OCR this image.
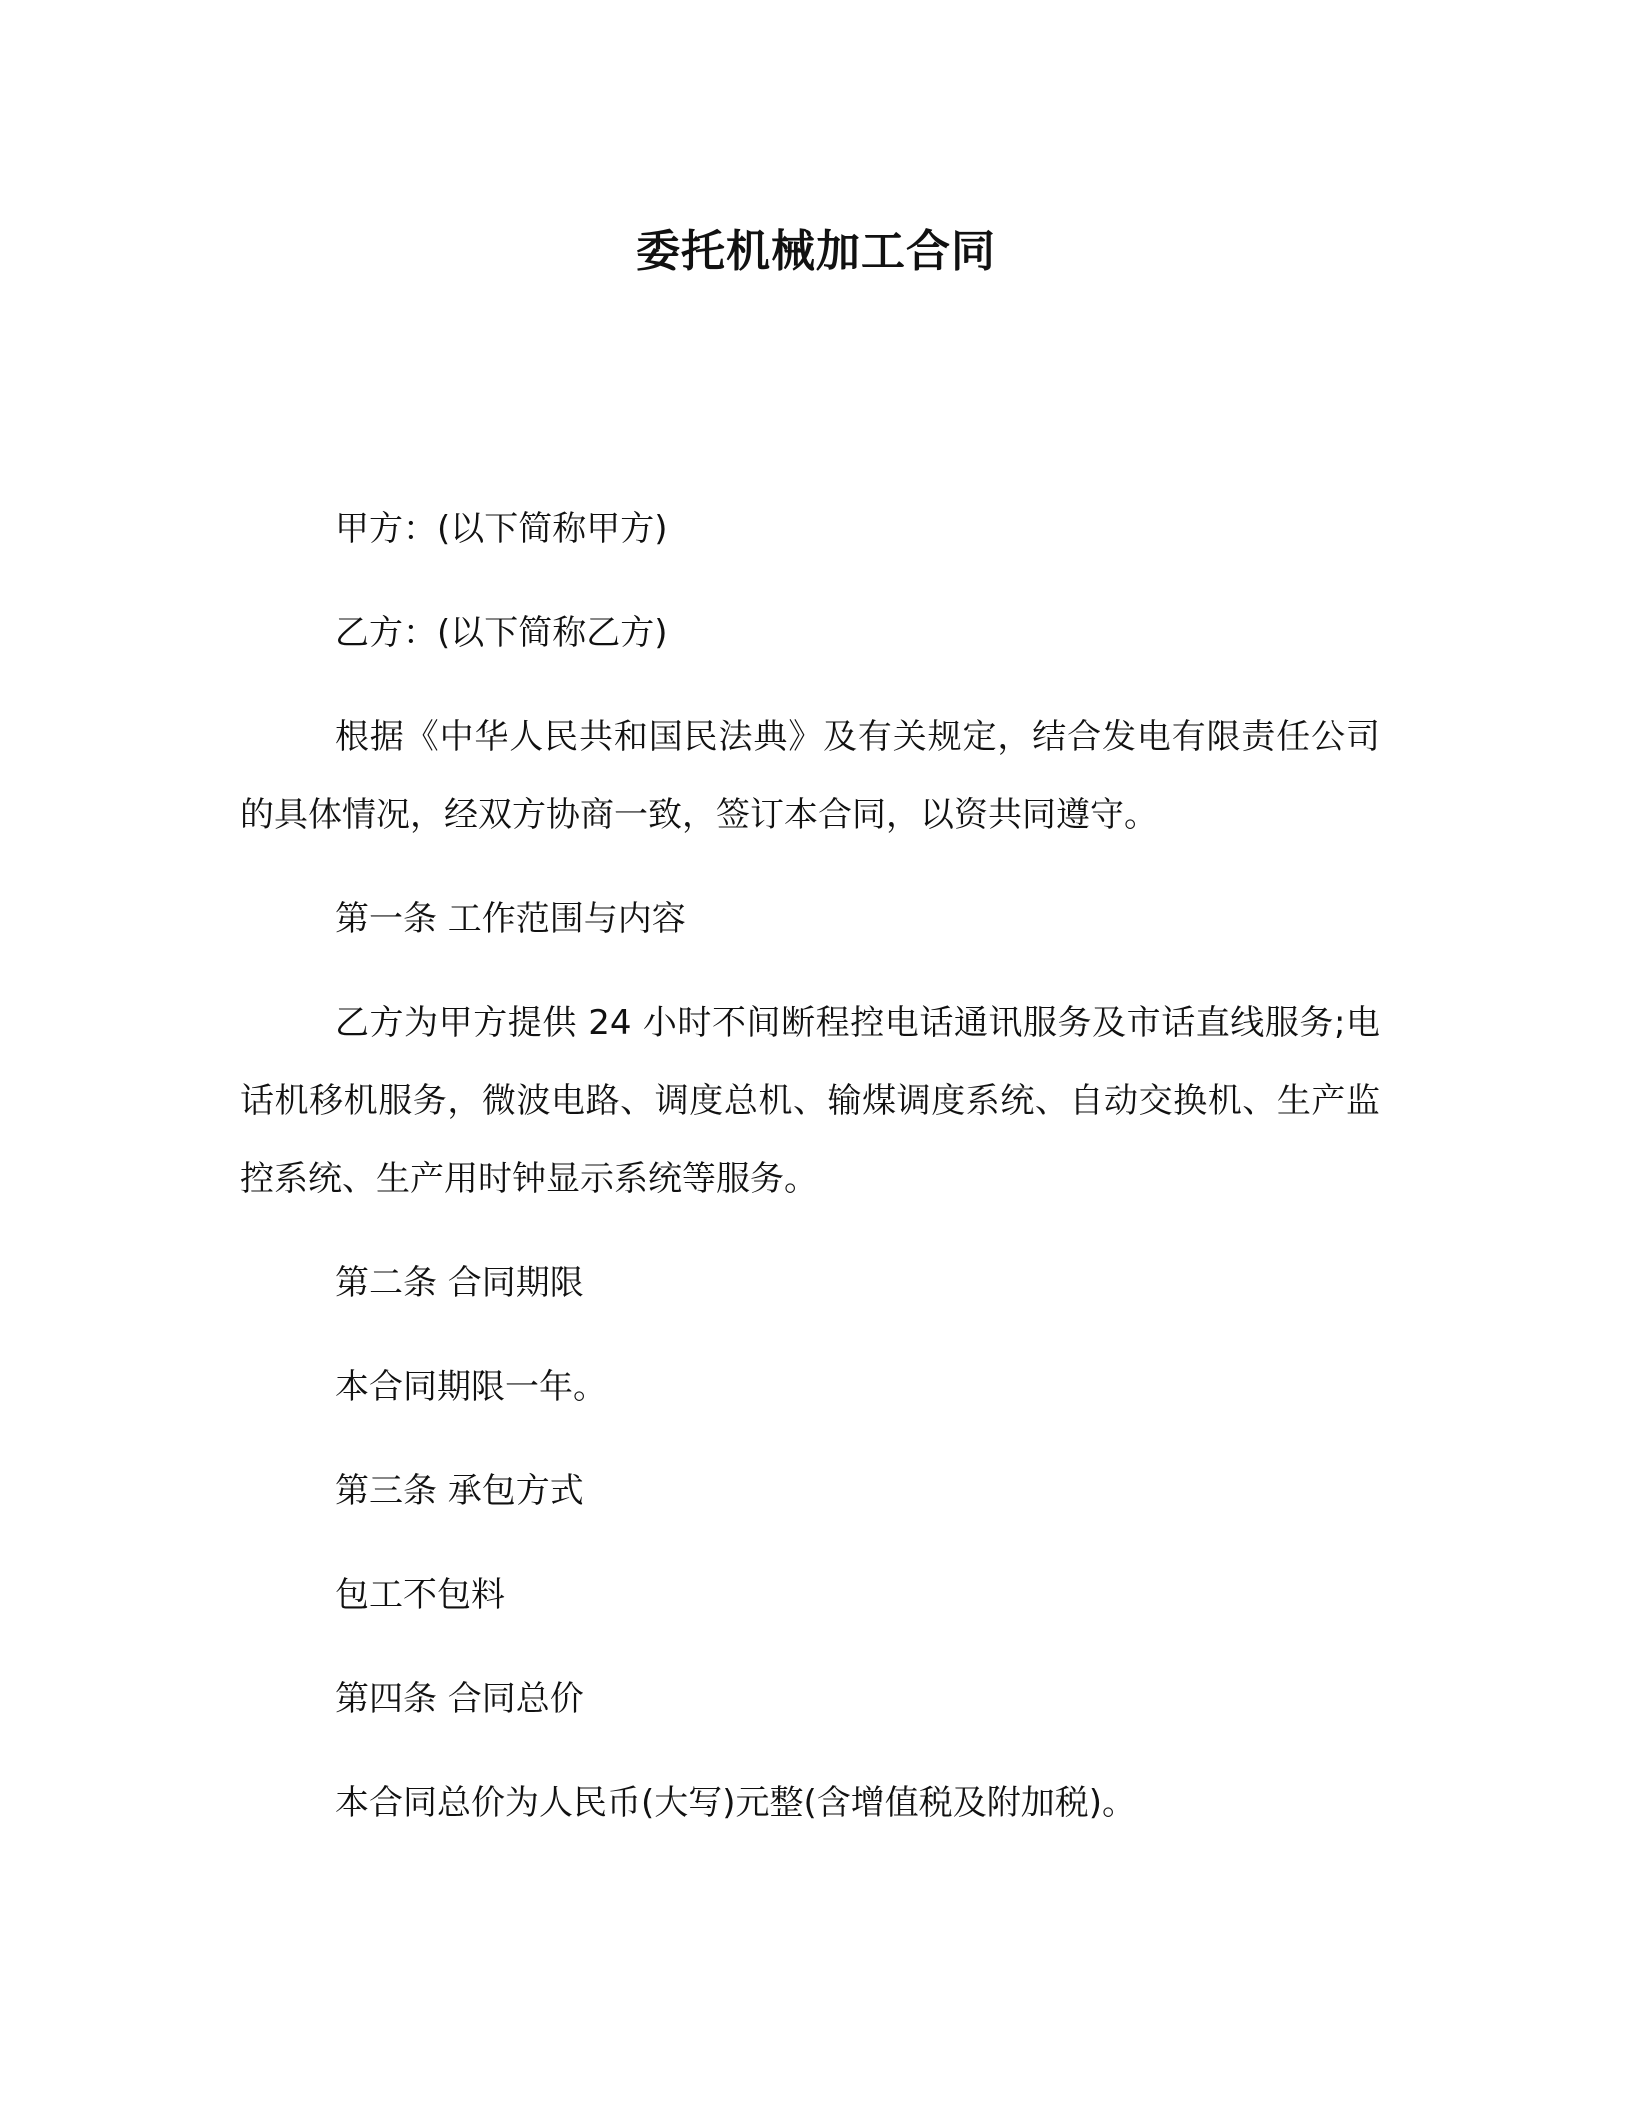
委托机械加工合同

甲方：(以下简称甲方)

乙方：(以下简称乙方)

根据《中华人民共和国民法典》及有关规定，结合发电有限责任公司的具体情况，经双方协商一致，签订本合同，以资共同遵守。

第一条 工作范围与内容

乙方为甲方提供 24 小时不间断程控电话通讯服务及市话直线服务;电话机移机服务，微波电路、调度总机、输煤调度系统、自动交换机、生产监控系统、生产用时钟显示系统等服务。

第二条 合同期限

本合同期限一年。

第三条 承包方式

包工不包料

第四条 合同总价

本合同总价为人民币(大写)元整(含增值税及附加税)。
